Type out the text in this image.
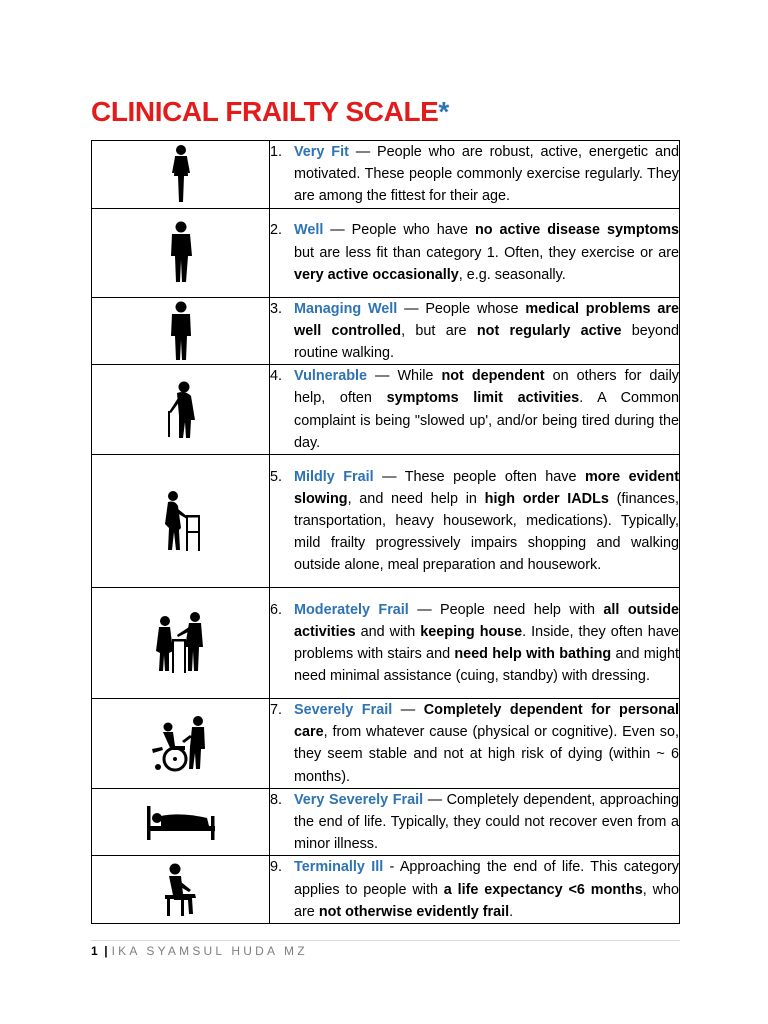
CLINICAL FRAILTY SCALE*

1. Very Fit — People who are robust, active, energetic and motivated. These people commonly exercise regularly. They are among the fittest for their age.

2. Well — People who have no active disease symptoms but are less fit than category 1. Often, they exercise or are very active occasionally, e.g. seasonally.

3. Managing Well — People whose medical problems are well controlled, but are not regularly active beyond routine walking.

4. Vulnerable — While not dependent on others for daily help, often symptoms limit activities. A Common complaint is being "slowed up', and/or being tired during the day.

5. Mildly Frail — These people often have more evident slowing, and need help in high order IADLs (finances, transportation, heavy housework, medications). Typically, mild frailty progressively impairs shopping and walking outside alone, meal preparation and housework.

6. Moderately Frail — People need help with all outside activities and with keeping house. Inside, they often have problems with stairs and need help with bathing and might need minimal assistance (cuing, standby) with dressing.

7. Severely Frail — Completely dependent for personal care, from whatever cause (physical or cognitive). Even so, they seem stable and not at high risk of dying (within ~ 6 months).

8. Very Severely Frail — Completely dependent, approaching the end of life. Typically, they could not recover even from a minor illness.

9. Terminally Ill - Approaching the end of life. This category applies to people with a life expectancy <6 months, who are not otherwise evidently frail.
1 | IKA SYAMSUL HUDA MZ
